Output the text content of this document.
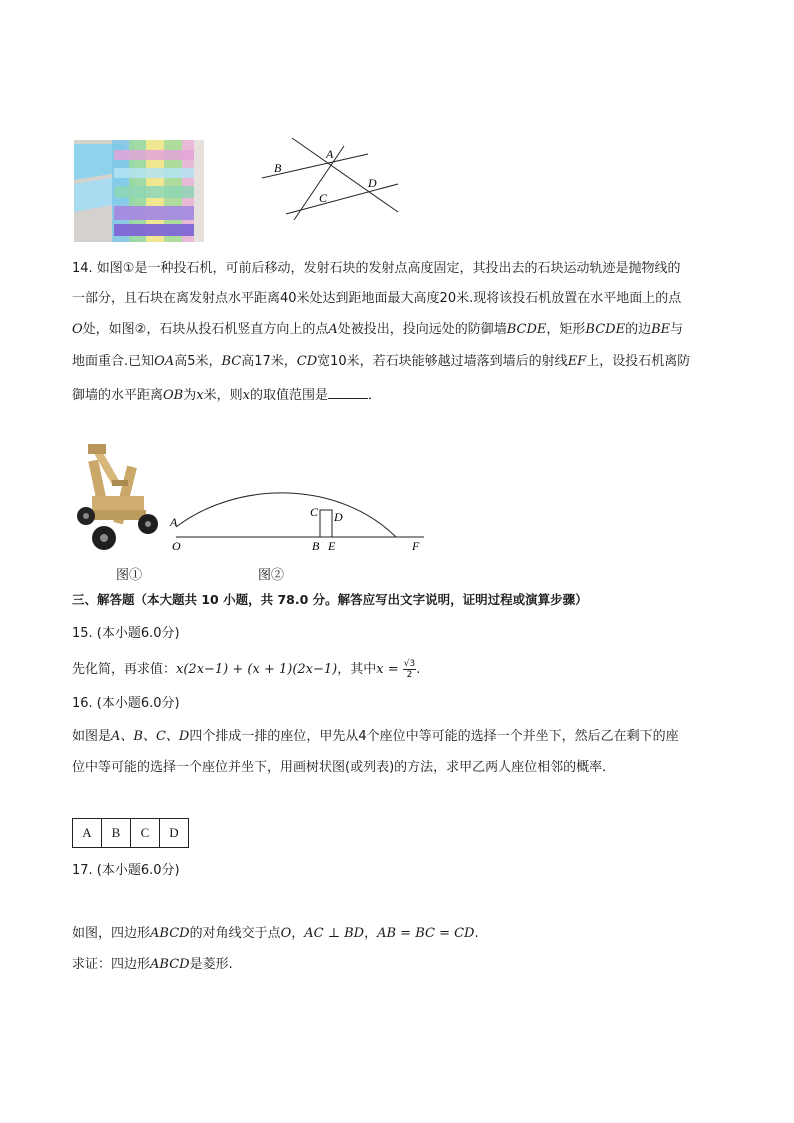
B
A
D
C
14. 如图①是一种投石机，可前后移动，发射石块的发射点高度固定，其投出去的石块运动轨迹是抛物线的
一部分，且石块在离发射点水平距离40米处达到距地面最大高度20米.现将该投石机放置在水平地面上的点
O处，如图②，石块从投石机竖直方向上的点A处被投出，投向远处的防御墙BCDE，矩形BCDE的边BE与
地面重合.已知OA高5米，BC高17米，CD宽10米，若石块能够越过墙落到墙后的射线EF上，设投石机离防
御墙的水平距离OB为x米，则x的取值范围是	．
A
O
C D
B E	F
图①	图②
三、解答题（本大题共 10 小题，共 78.0 分。解答应写出文字说明，证明过程或演算步骤）
15. (本小题6.0分)
先化简，再求值：x(2x−1) + (x + 1)(2x−1)，其中$x = \frac{√3}{2}$ .
16. (本小题6.0分)
如图是A、B、C、D四个排成一排的座位，甲先从4个座位中等可能的选择一个并坐下，然后乙在剩下的座
位中等可能的选择一个座位并坐下，用画树状图(或列表)的方法，求甲乙两人座位相邻的概率．
A	B	C	D
17. (本小题6.0分)
如图，四边形ABCD的对角线交于点O，AC ⊥ BD，AB = BC = CD.
求证：四边形ABCD是菱形.
